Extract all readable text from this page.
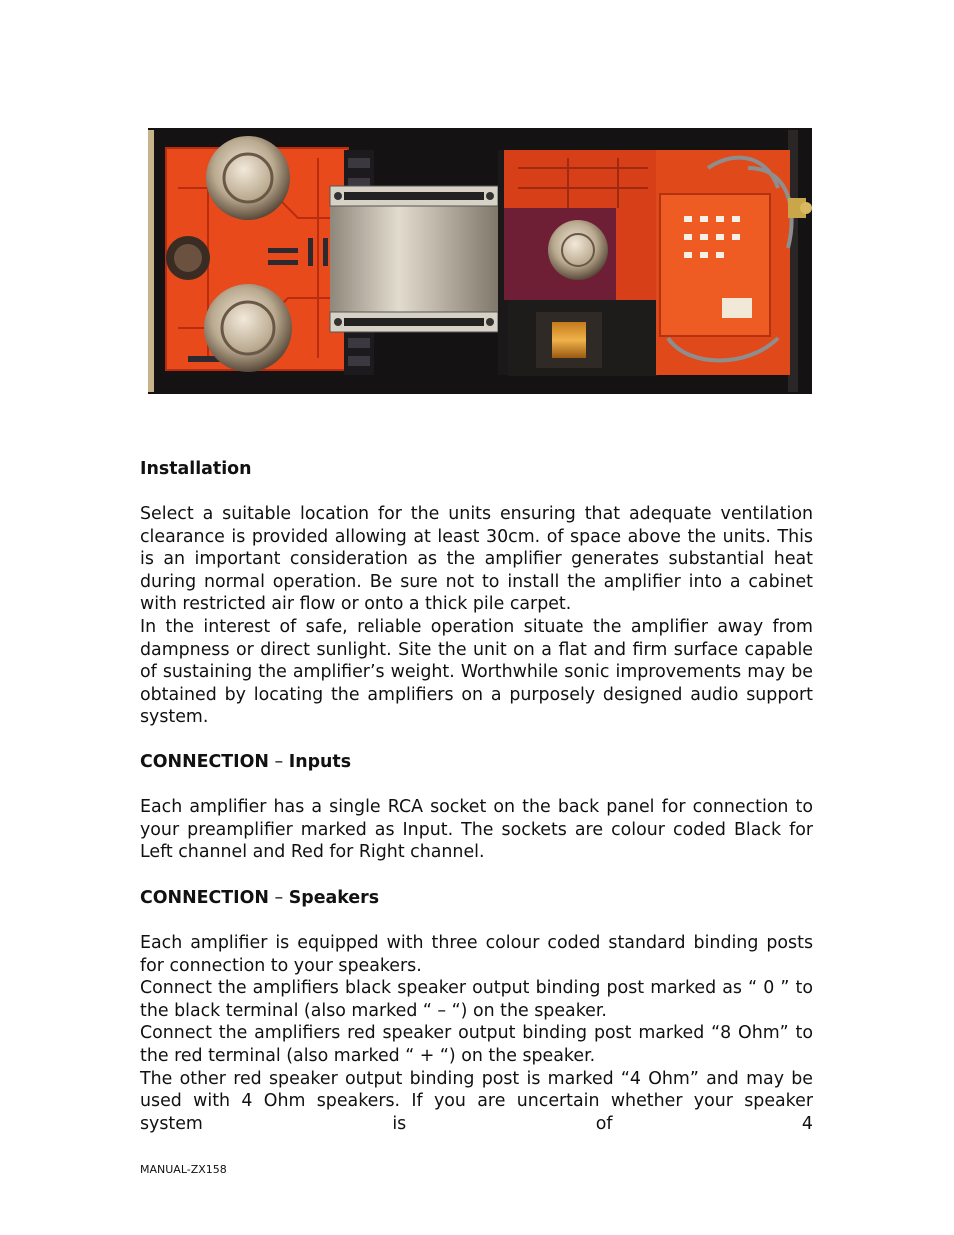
Installation

Select a suitable location for the units ensuring that adequate ventilation clearance is provided allowing at least 30cm. of space above the units. This is an important consideration as the amplifier generates substantial heat during normal operation. Be sure not to install the amplifier into a cabinet with restricted air flow or onto a thick pile carpet.

In the interest of safe, reliable operation situate the amplifier away from dampness or direct sunlight. Site the unit on a flat and firm surface capable of sustaining the amplifier’s weight. Worthwhile sonic improvements may be obtained by locating the amplifiers on a purposely designed audio support system.

CONNECTION – Inputs

Each amplifier has a single RCA socket on the back panel for connection to your preamplifier marked as Input. The sockets are colour coded Black for Left channel and Red for Right channel.

CONNECTION – Speakers

Each amplifier is equipped with three colour coded standard binding posts for connection to your speakers.

Connect the amplifiers black speaker output binding post marked as “ 0 ” to the black terminal (also marked “ – “) on the speaker.

Connect the amplifiers red speaker output binding post marked “8 Ohm” to the red terminal (also marked “ + “) on the speaker.

The other red speaker output binding post is marked “4 Ohm” and may be used with 4 Ohm speakers. If you are uncertain whether your speaker system is of 4

MANUAL-ZX158
